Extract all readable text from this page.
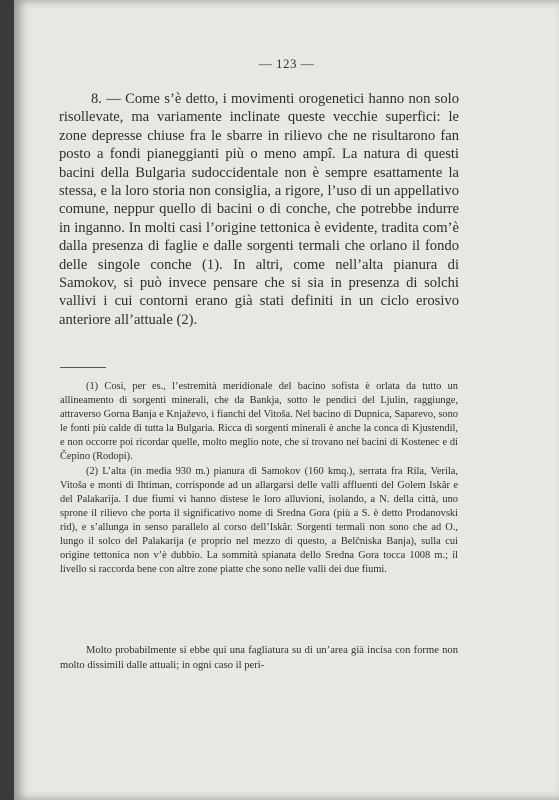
— 123 —

8. — Come s’è detto, i movimenti orogenetici hanno non solo risollevate, ma variamente inclinate queste vecchie superfici: le zone depresse chiuse fra le sbarre in rilievo che ne risultarono fan posto a fondi pianeggianti più o meno ampî. La natura di questi bacini della Bulgaria sudoccidentale non è sempre esattamente la stessa, e la loro storia non consiglia, a rigore, l’uso di un appellativo comune, neppur quello di bacini o di conche, che potrebbe indurre in inganno. In molti casi l’origine tettonica è evidente, tradita com’è dalla presenza di faglie e dalle sorgenti termali che orlano il fondo delle singole conche (1). In altri, come nell’alta pianura di Samokov, si può invece pensare che si sia in presenza di solchi vallivi i cui contorni erano già stati definiti in un ciclo erosivo anteriore all’attuale (2).

(1) Così, per es., l’estremità meridionale del bacino sofista è orlata da tutto un allineamento di sorgenti minerali, che da Bankja, sotto le pendici del Ljulin, raggiunge, attraverso Gorna Banja e Knjaževo, i fianchi del Vitoša. Nel bacino di Dupnica, Saparevo, sono le fonti più calde di tutta la Bulgaria. Ricca di sorgenti minerali è anche la conca di Kjustendil, e non occorre poi ricordar quelle, molto meglio note, che si trovano nei bacini di Kostenec e di Čepino (Rodopi).

(2) L’alta (in media 930 m.) pianura di Samokov (160 kmq.), serrata fra Rila, Verila, Vitoša e monti di Ihtiman, corrisponde ad un allargarsi delle valli affluenti del Golem Iskăr e del Palakarija. I due fiumi vi hanno distese le loro alluvioni, isolando, a N. della città, uno sprone il rilievo che porta il significativo nome di Sredna Gora (più a S. è detto Prodanovski rid), e s’allunga in senso parallelo al corso dell’Iskăr. Sorgenti termali non sono che ad O., lungo il solco del Palakarija (e proprio nel mezzo di questo, a Belčniska Banja), sulla cui origine tettonica non v’è dubbio. La sommità spianata dello Sredna Gora tocca 1008 m.; il livello si raccorda bene con altre zone piatte che sono nelle valli dei due fiumi.

Molto probabilmente si ebbe qui una fagliatura su di un’area già incisa con forme non molto dissimili dalle attuali; in ogni caso il peri-
